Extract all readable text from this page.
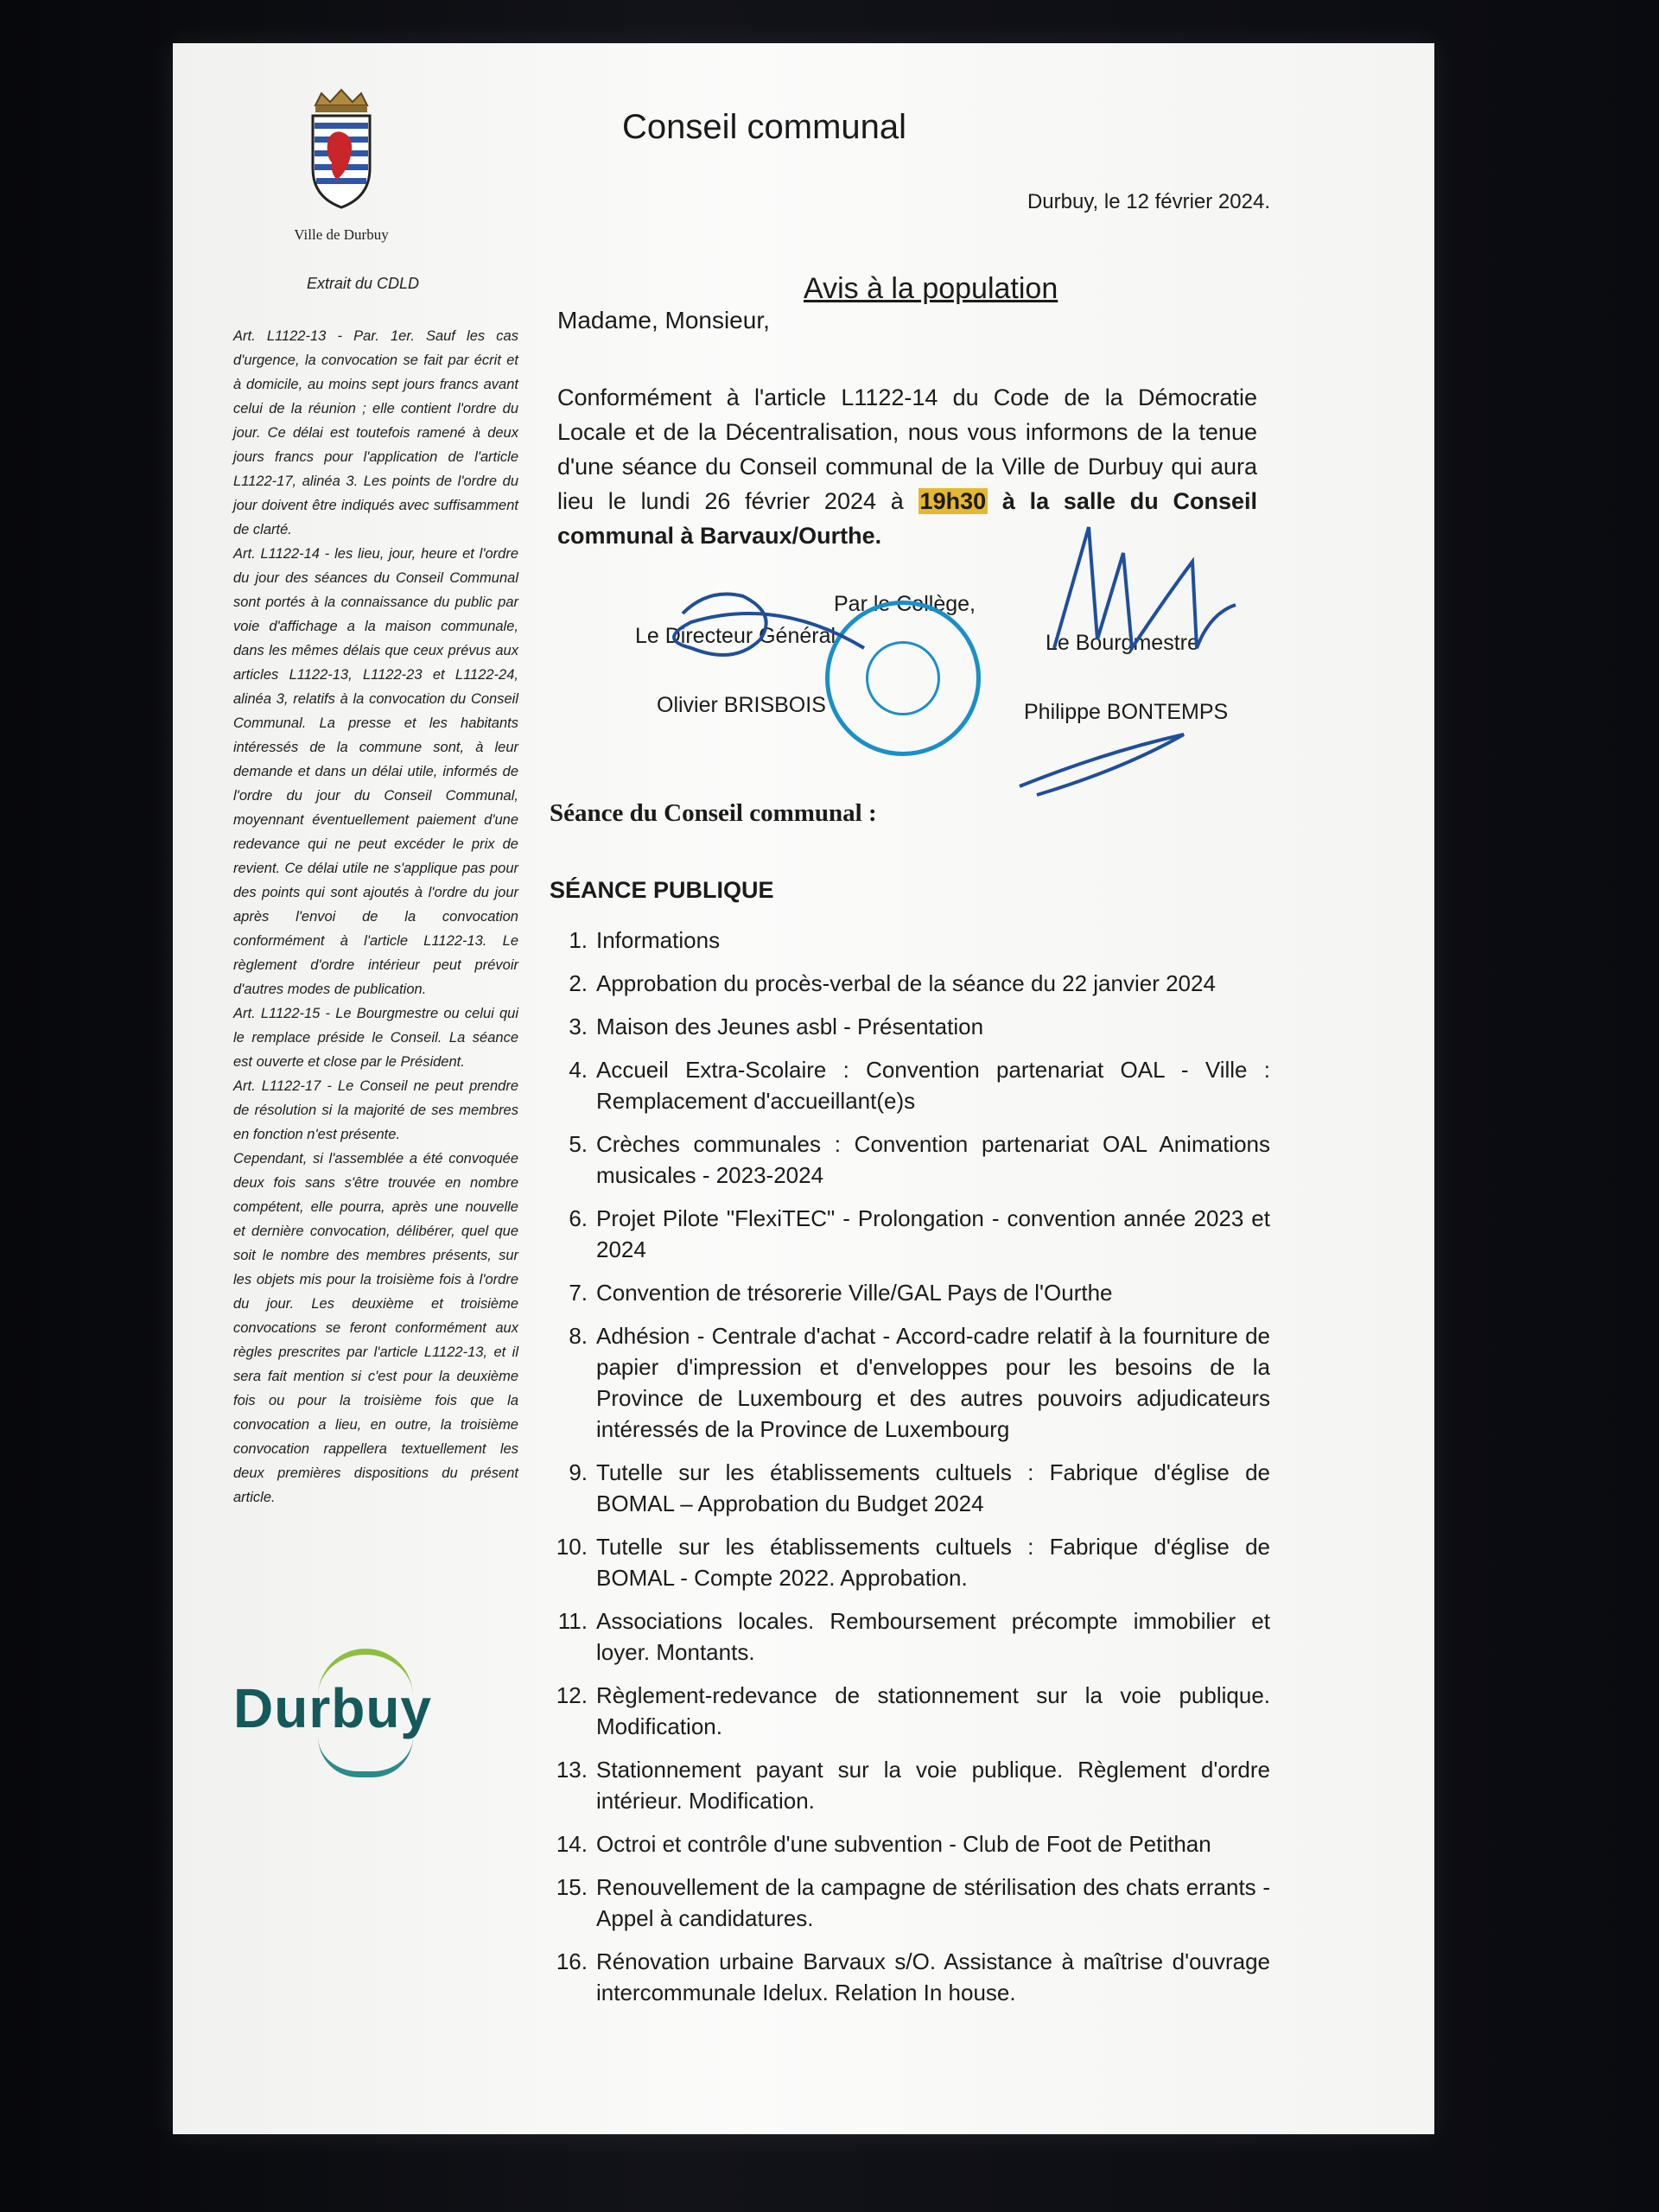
Ville de Durbuy
Extrait du CDLD

Art. L1122-13 - Par. 1er. Sauf les cas d'urgence, la convocation se fait par écrit et à domicile, au moins sept jours francs avant celui de la réunion ; elle contient l'ordre du jour. Ce délai est toutefois ramené à deux jours francs pour l'application de l'article L1122-17, alinéa 3. Les points de l'ordre du jour doivent être indiqués avec suffisamment de clarté.

Art. L1122-14 - les lieu, jour, heure et l'ordre du jour des séances du Conseil Communal sont portés à la connaissance du public par voie d'affichage a la maison communale, dans les mêmes délais que ceux prévus aux articles L1122-13, L1122-23 et L1122-24, alinéa 3, relatifs à la convocation du Conseil Communal. La presse et les habitants intéressés de la commune sont, à leur demande et dans un délai utile, informés de l'ordre du jour du Conseil Communal, moyennant éventuellement paiement d'une redevance qui ne peut excéder le prix de revient. Ce délai utile ne s'applique pas pour des points qui sont ajoutés à l'ordre du jour après l'envoi de la convocation conformément à l'article L1122-13. Le règlement d'ordre intérieur peut prévoir d'autres modes de publication.

Art. L1122-15 - Le Bourgmestre ou celui qui le remplace préside le Conseil. La séance est ouverte et close par le Président.

Art. L1122-17 - Le Conseil ne peut prendre de résolution si la majorité de ses membres en fonction n'est présente.

Cependant, si l'assemblée a été convoquée deux fois sans s'être trouvée en nombre compétent, elle pourra, après une nouvelle et dernière convocation, délibérer, quel que soit le nombre des membres présents, sur les objets mis pour la troisième fois à l'ordre du jour. Les deuxième et troisième convocations se feront conformément aux règles prescrites par l'article L1122-13, et il sera fait mention si c'est pour la deuxième fois ou pour la troisième fois que la convocation a lieu, en outre, la troisième convocation rappellera textuellement les deux premières dispositions du présent article.

Durbuy
Conseil communal
Durbuy, le 12 février 2024.
Avis à la population
Madame, Monsieur,
Conformément à l'article L1122-14 du Code de la Démocratie Locale et de la Décentralisation, nous vous informons de la tenue d'une séance du Conseil communal de la Ville de Durbuy qui aura lieu le lundi 26 février 2024 à 19h30 à la salle du Conseil communal à Barvaux/Ourthe.
Par le Collège,
Le Directeur Général
Olivier BRISBOIS
Le Bourgmestre
Philippe BONTEMPS
Séance du Conseil communal :
SÉANCE PUBLIQUE
1. Informations
2. Approbation du procès-verbal de la séance du 22 janvier 2024
3. Maison des Jeunes asbl - Présentation
4. Accueil Extra-Scolaire : Convention partenariat OAL - Ville : Remplacement d'accueillant(e)s
5. Crèches communales : Convention partenariat OAL Animations musicales - 2023-2024
6. Projet Pilote "FlexiTEC" - Prolongation - convention année 2023 et 2024
7. Convention de trésorerie Ville/GAL Pays de l'Ourthe
8. Adhésion - Centrale d'achat - Accord-cadre relatif à la fourniture de papier d'impression et d'enveloppes pour les besoins de la Province de Luxembourg et des autres pouvoirs adjudicateurs intéressés de la Province de Luxembourg
9. Tutelle sur les établissements cultuels : Fabrique d'église de BOMAL – Approbation du Budget 2024
10. Tutelle sur les établissements cultuels : Fabrique d'église de BOMAL - Compte 2022. Approbation.
11. Associations locales. Remboursement précompte immobilier et loyer. Montants.
12. Règlement-redevance de stationnement sur la voie publique. Modification.
13. Stationnement payant sur la voie publique. Règlement d'ordre intérieur. Modification.
14. Octroi et contrôle d'une subvention - Club de Foot de Petithan
15. Renouvellement de la campagne de stérilisation des chats errants - Appel à candidatures.
16. Rénovation urbaine Barvaux s/O. Assistance à maîtrise d'ouvrage intercommunale Idelux. Relation In house.
